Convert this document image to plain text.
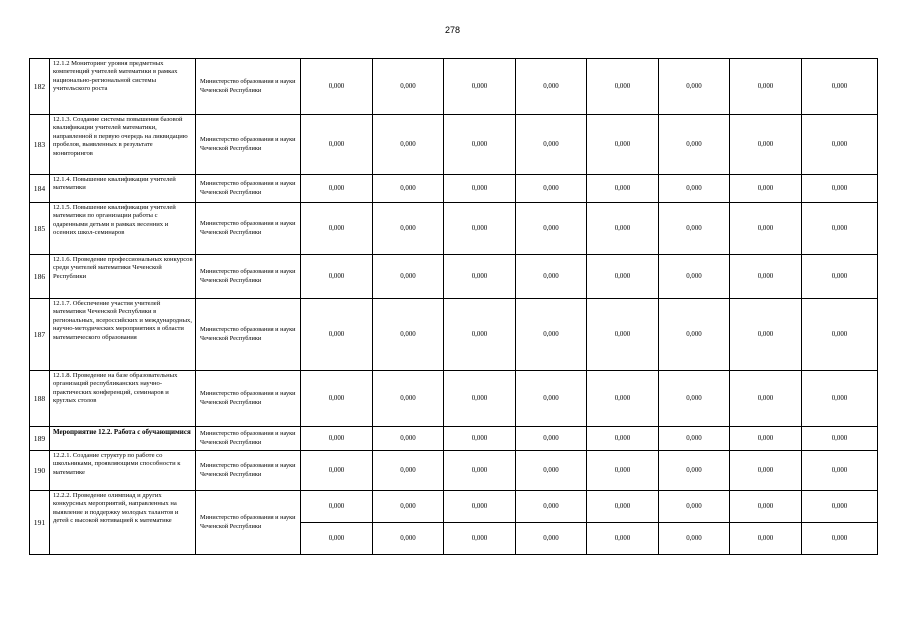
278
182	12.1.2 Мониторинг уровня предметных компетенций учителей математики в рамках национально-региональной системы учительского роста	Министерство образования и науки Чеченской Республики	0,000	0,000	0,000	0,000	0,000	0,000	0,000	0,000
183	12.1.3. Создание системы повышения базовой квалификации учителей математики, направленной в первую очередь на ликвидацию пробелов, выявленных в результате мониторингов	Министерство образования и науки Чеченской Республики	0,000	0,000	0,000	0,000	0,000	0,000	0,000	0,000
184	12.1.4. Повышение квалификации учителей математики	Министерство образования и науки Чеченской Республики	0,000	0,000	0,000	0,000	0,000	0,000	0,000	0,000
185	12.1.5. Повышение квалификации учителей математики по организации работы с одаренными детьми в рамках весенних и осенних школ-семинаров	Министерство образования и науки Чеченской Республики	0,000	0,000	0,000	0,000	0,000	0,000	0,000	0,000
186	12.1.6. Проведение профессиональных конкурсов среди учителей математики Чеченской Республики	Министерство образования и науки Чеченской Республики	0,000	0,000	0,000	0,000	0,000	0,000	0,000	0,000
187	12.1.7. Обеспечение участия учителей математики Чеченской Республики в региональных, всероссийских и международных, научно-методических мероприятиях в области математического образования	Министерство образования и науки Чеченской Республики	0,000	0,000	0,000	0,000	0,000	0,000	0,000	0,000
188	12.1.8. Проведение на базе образовательных организаций республиканских научно-практических конференций, семинаров и круглых столов	Министерство образования и науки Чеченской Республики	0,000	0,000	0,000	0,000	0,000	0,000	0,000	0,000
189	Мероприятие 12.2. Работа с обучающимися	Министерство образования и науки Чеченской Республики	0,000	0,000	0,000	0,000	0,000	0,000	0,000	0,000
190	12.2.1. Создание структур по работе со школьниками, проявляющими способности к математике	Министерство образования и науки Чеченской Республики	0,000	0,000	0,000	0,000	0,000	0,000	0,000	0,000
191	12.2.2. Проведение олимпиад и других конкурсных мероприятий, направленных на выявление и поддержку молодых талантов и детей с высокой мотивацией к математике	Министерство образования и науки Чеченской Республики	0,000	0,000	0,000	0,000	0,000	0,000	0,000	0,000
			0,000	0,000	0,000	0,000	0,000	0,000	0,000	0,000
